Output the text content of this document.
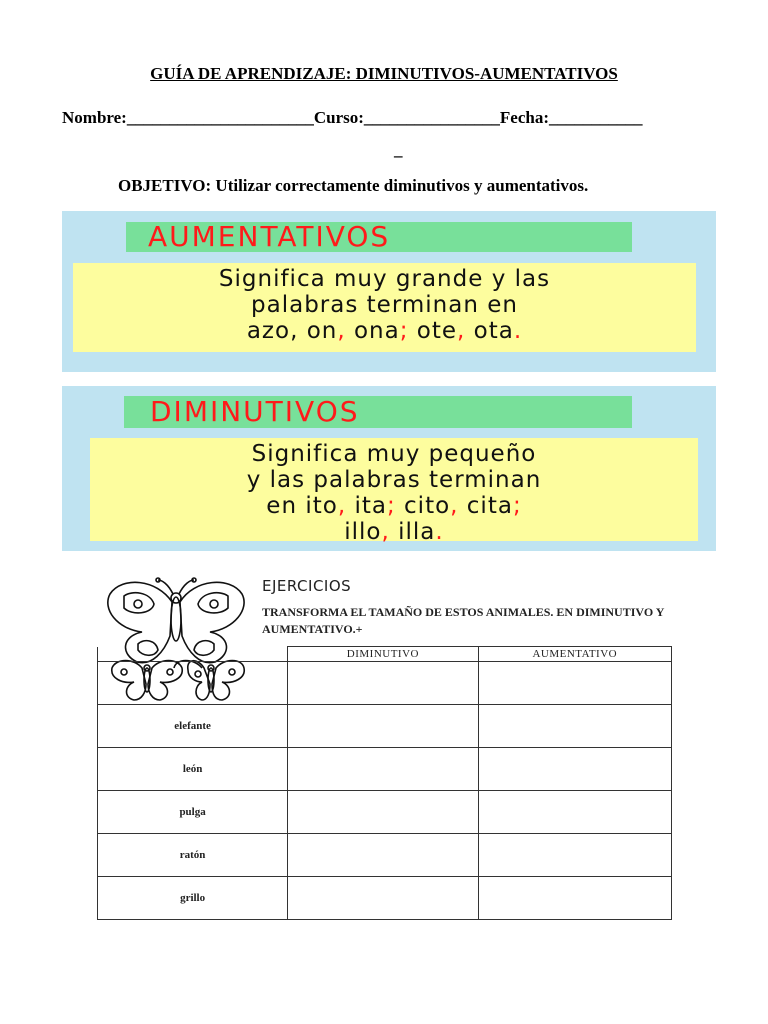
GUÍA DE APRENDIZAJE: DIMINUTIVOS-AUMENTATIVOS
Nombre:______________________Curso:________________Fecha:___________
_
OBJETIVO: Utilizar correctamente diminutivos y aumentativos.
AUMENTATIVOS
Significa muy grande y las
palabras terminan en
azo, on, ona; ote, ota.
DIMINUTIVOS
Significa muy pequeño
y las palabras terminan
en ito, ita; cito, cita;
illo, illa.
EJERCICIOS
TRANSFORMA EL TAMAÑO DE ESTOS ANIMALES. EN DIMINUTIVO Y AUMENTATIVO.+
	DIMINUTIVO	AUMENTATIVO

elefante		
león		
pulga		
ratón		
grillo		
